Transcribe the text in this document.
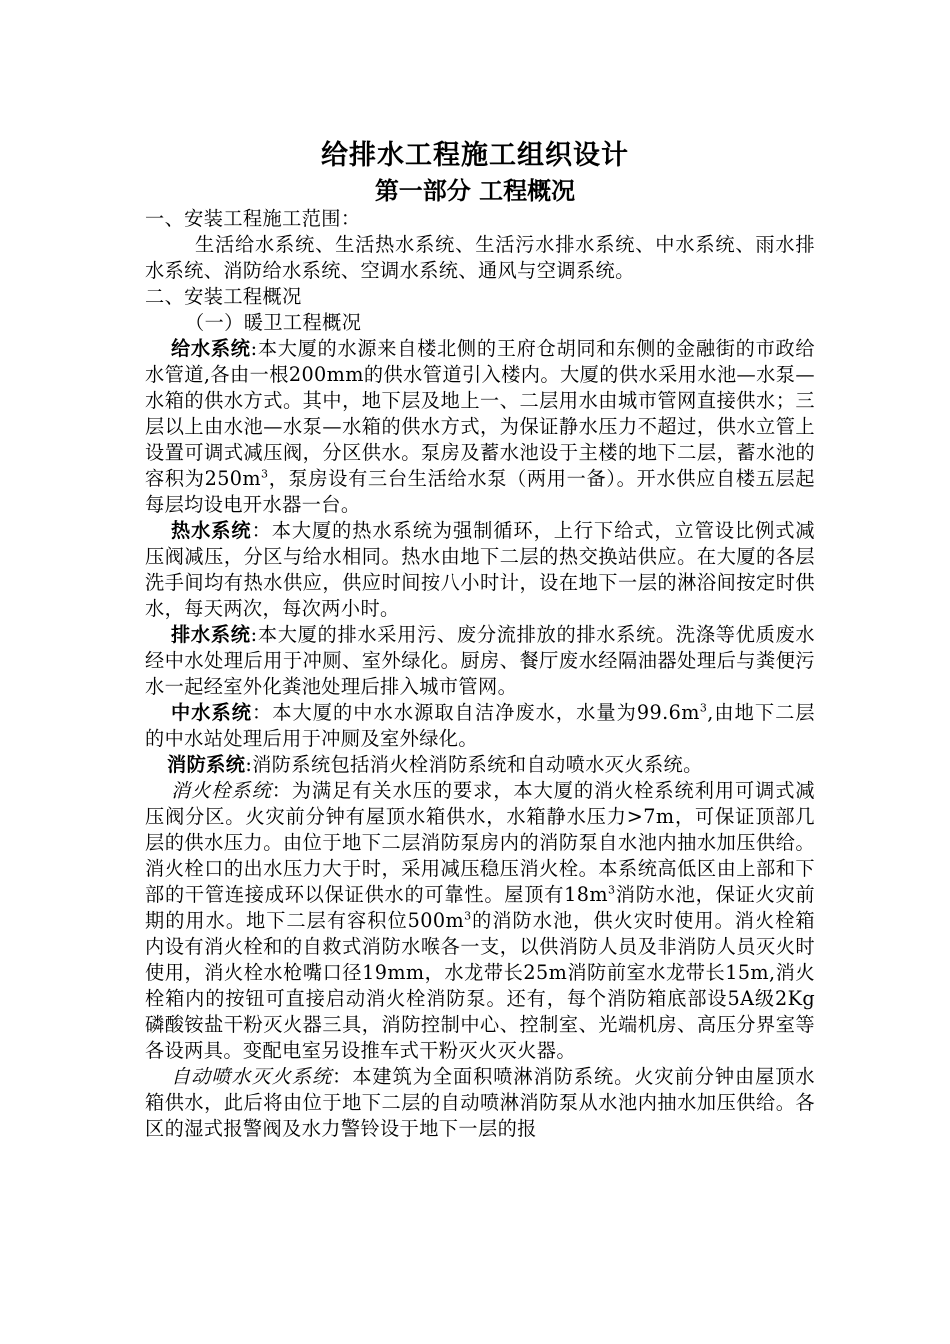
给排水工程施工组织设计
第一部分 工程概况

一、安装工程施工范围：

生活给水系统、生活热水系统、生活污水排水系统、中水系统、雨水排水系统、消防给水系统、空调水系统、通风与空调系统。

二、安装工程概况

（一）暖卫工程概况

给水系统:本大厦的水源来自楼北侧的王府仓胡同和东侧的金融街的市政给水管道,各由一根200mm的供水管道引入楼内。大厦的供水采用水池—水泵—水箱的供水方式。其中，地下层及地上一、二层用水由城市管网直接供水；三层以上由水池—水泵—水箱的供水方式，为保证静水压力不超过，供水立管上设置可调式减压阀，分区供水。泵房及蓄水池设于主楼的地下二层，蓄水池的容积为$250m^3$，泵房设有三台生活给水泵（两用一备）。开水供应自楼五层起每层均设电开水器一台。

热水系统：本大厦的热水系统为强制循环，上行下给式，立管设比例式减压阀减压，分区与给水相同。热水由地下二层的热交换站供应。在大厦的各层洗手间均有热水供应，供应时间按八小时计，设在地下一层的淋浴间按定时供水，每天两次，每次两小时。

排水系统:本大厦的排水采用污、废分流排放的排水系统。洗涤等优质废水经中水处理后用于冲厕、室外绿化。厨房、餐厅废水经隔油器处理后与粪便污水一起经室外化粪池处理后排入城市管网。

中水系统：本大厦的中水水源取自洁净废水，水量为$99.6m^3$,由地下二层的中水站处理后用于冲厕及室外绿化。

消防系统:消防系统包括消火栓消防系统和自动喷水灭火系统。

消火栓系统：为满足有关水压的要求，本大厦的消火栓系统利用可调式减压阀分区。火灾前分钟有屋顶水箱供水，水箱静水压力>7m，可保证顶部几层的供水压力。由位于地下二层消防泵房内的消防泵自水池内抽水加压供给。消火栓口的出水压力大于时，采用减压稳压消火栓。本系统高低区由上部和下部的干管连接成环以保证供水的可靠性。屋顶有$18m^3$消防水池，保证火灾前期的用水。地下二层有容积位$500m^3$的消防水池，供火灾时使用。消火栓箱内设有消火栓和的自救式消防水喉各一支，以供消防人员及非消防人员灭火时使用，消火栓水枪嘴口径19mm，水龙带长25m消防前室水龙带长15m,消火栓箱内的按钮可直接启动消火栓消防泵。还有，每个消防箱底部设5A级2Kg磷酸铵盐干粉灭火器三具，消防控制中心、控制室、光端机房、高压分界室等各设两具。变配电室另设推车式干粉灭火灭火器。

自动喷水灭火系统：本建筑为全面积喷淋消防系统。火灾前分钟由屋顶水箱供水，此后将由位于地下二层的自动喷淋消防泵从水池内抽水加压供给。各区的湿式报警阀及水力警铃设于地下一层的报
